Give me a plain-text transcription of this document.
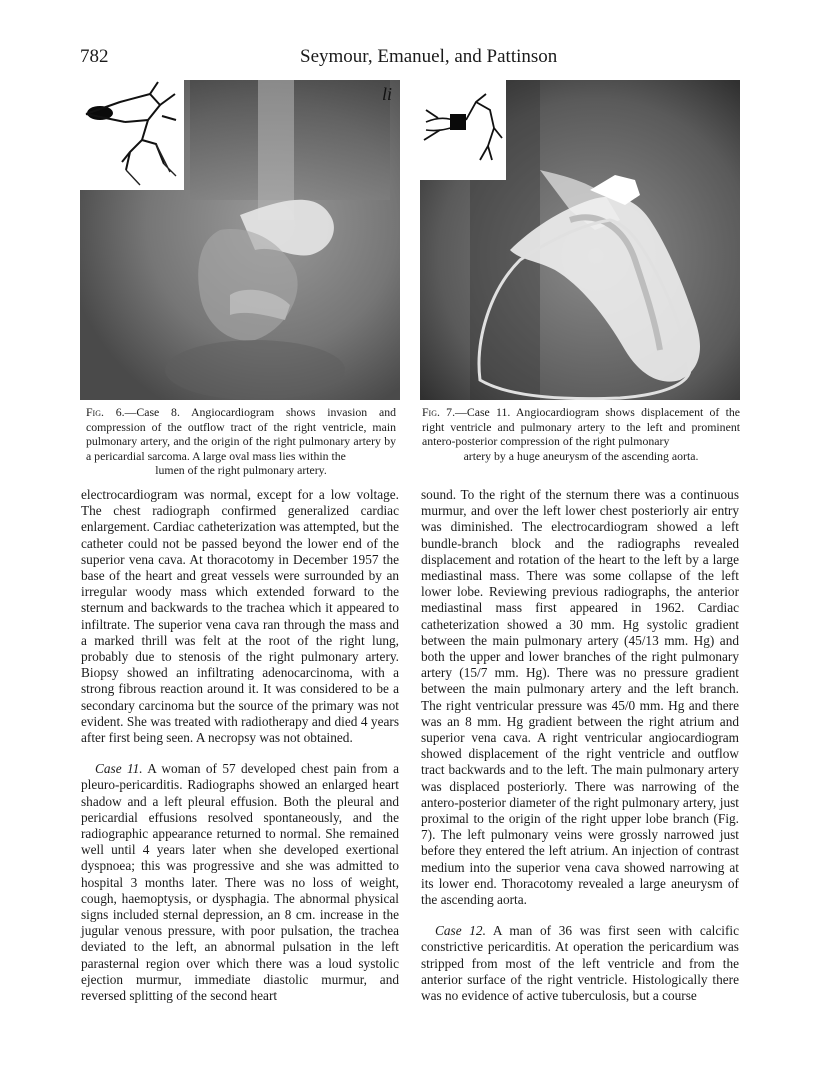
782	Seymour, Emanuel, and Pattinson
li
Fig. 6.—Case 8. Angiocardiogram shows invasion and compression of the outflow tract of the right ventricle, main pulmonary artery, and the origin of the right pulmonary artery by a pericardial sarcoma. A large oval mass lies within the
lumen of the right pulmonary artery.
Fig. 7.—Case 11. Angiocardiogram shows displacement of the right ventricle and pulmonary artery to the left and prominent antero-posterior compression of the right pulmonary
artery by a huge aneurysm of the ascending aorta.

electrocardiogram was normal, except for a low voltage. The chest radiograph confirmed generalized cardiac enlargement. Cardiac catheterization was attempted, but the catheter could not be passed beyond the lower end of the superior vena cava. At thoracotomy in December 1957 the base of the heart and great vessels were surrounded by an irregular woody mass which extended forward to the sternum and backwards to the trachea which it appeared to infiltrate. The superior vena cava ran through the mass and a marked thrill was felt at the root of the right lung, probably due to stenosis of the right pulmonary artery. Biopsy showed an infiltrating adenocarcinoma, with a strong fibrous reaction around it. It was considered to be a secondary carcinoma but the source of the primary was not evident. She was treated with radiotherapy and died 4 years after first being seen. A necropsy was not obtained.

Case 11. A woman of 57 developed chest pain from a pleuro-pericarditis. Radiographs showed an enlarged heart shadow and a left pleural effusion. Both the pleural and pericardial effusions resolved spontaneously, and the radiographic appearance returned to normal. She remained well until 4 years later when she developed exertional dyspnoea; this was progressive and she was admitted to hospital 3 months later. There was no loss of weight, cough, haemoptysis, or dysphagia. The abnormal physical signs included sternal depression, an 8 cm. increase in the jugular venous pressure, with poor pulsation, the trachea deviated to the left, an abnormal pulsation in the left parasternal region over which there was a loud systolic ejection murmur, immediate diastolic murmur, and reversed splitting of the second heart

sound. To the right of the sternum there was a continuous murmur, and over the left lower chest posteriorly air entry was diminished. The electrocardiogram showed a left bundle-branch block and the radiographs revealed displacement and rotation of the heart to the left by a large mediastinal mass. There was some collapse of the left lower lobe. Reviewing previous radiographs, the anterior mediastinal mass first appeared in 1962. Cardiac catheterization showed a 30 mm. Hg systolic gradient between the main pulmonary artery (45/13 mm. Hg) and both the upper and lower branches of the right pulmonary artery (15/7 mm. Hg). There was no pressure gradient between the main pulmonary artery and the left branch. The right ventricular pressure was 45/0 mm. Hg and there was an 8 mm. Hg gradient between the right atrium and superior vena cava. A right ventricular angiocardiogram showed displacement of the right ventricle and outflow tract backwards and to the left. The main pulmonary artery was displaced posteriorly. There was narrowing of the antero-posterior diameter of the right pulmonary artery, just proximal to the origin of the right upper lobe branch (Fig. 7). The left pulmonary veins were grossly narrowed just before they entered the left atrium. An injection of contrast medium into the superior vena cava showed narrowing at its lower end. Thoracotomy revealed a large aneurysm of the ascending aorta.

Case 12. A man of 36 was first seen with calcific constrictive pericarditis. At operation the pericardium was stripped from most of the left ventricle and from the anterior surface of the right ventricle. Histologically there was no evidence of active tuberculosis, but a course
